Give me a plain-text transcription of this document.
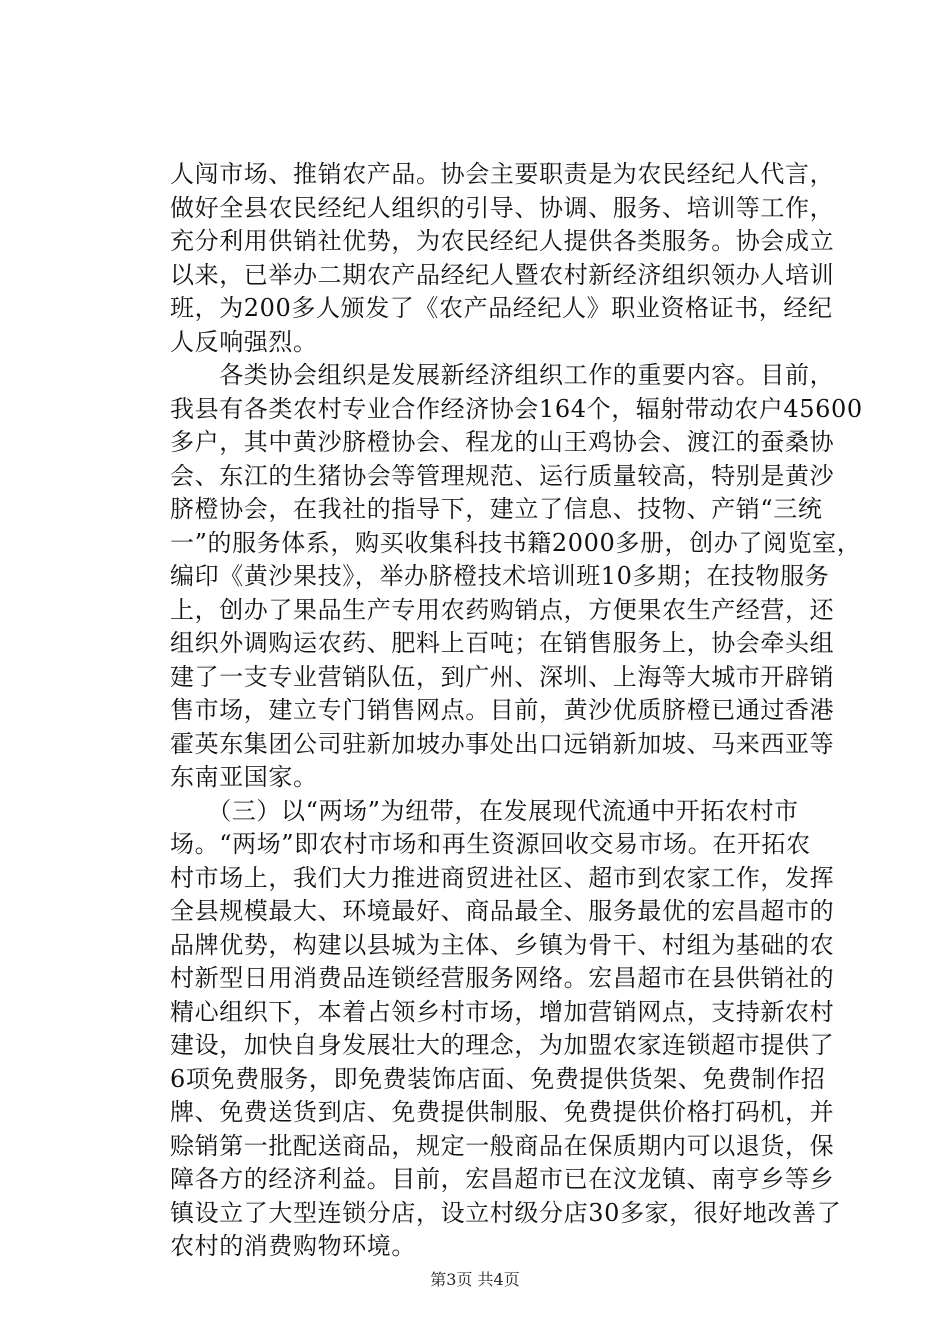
人闯市场、推销农产品。协会主要职责是为农民经纪人代言，
做好全县农民经纪人组织的引导、协调、服务、培训等工作，
充分利用供销社优势，为农民经纪人提供各类服务。协会成立
以来，已举办二期农产品经纪人暨农村新经济组织领办人培训
班，为200多人颁发了《农产品经纪人》职业资格证书，经纪
人反响强烈。
　　各类协会组织是发展新经济组织工作的重要内容。目前，
我县有各类农村专业合作经济协会164个，辐射带动农户45600
多户，其中黄沙脐橙协会、程龙的山王鸡协会、渡江的蚕桑协
会、东江的生猪协会等管理规范、运行质量较高，特别是黄沙
脐橙协会，在我社的指导下，建立了信息、技物、产销“三统
一”的服务体系，购买收集科技书籍2000多册，创办了阅览室，
编印《黄沙果技》，举办脐橙技术培训班10多期；在技物服务
上，创办了果品生产专用农药购销点，方便果农生产经营，还
组织外调购运农药、肥料上百吨；在销售服务上，协会牵头组
建了一支专业营销队伍，到广州、深圳、上海等大城市开辟销
售市场，建立专门销售网点。目前，黄沙优质脐橙已通过香港
霍英东集团公司驻新加坡办事处出口远销新加坡、马来西亚等
东南亚国家。
　　（三）以“两场”为纽带，在发展现代流通中开拓农村市
场。“两场”即农村市场和再生资源回收交易市场。在开拓农
村市场上，我们大力推进商贸进社区、超市到农家工作，发挥
全县规模最大、环境最好、商品最全、服务最优的宏昌超市的
品牌优势，构建以县城为主体、乡镇为骨干、村组为基础的农
村新型日用消费品连锁经营服务网络。宏昌超市在县供销社的
精心组织下，本着占领乡村市场，增加营销网点，支持新农村
建设，加快自身发展壮大的理念，为加盟农家连锁超市提供了
6项免费服务，即免费装饰店面、免费提供货架、免费制作招
牌、免费送货到店、免费提供制服、免费提供价格打码机，并
赊销第一批配送商品，规定一般商品在保质期内可以退货，保
障各方的经济利益。目前，宏昌超市已在汶龙镇、南亨乡等乡
镇设立了大型连锁分店，设立村级分店30多家，很好地改善了
农村的消费购物环境。
第3页 共4页
